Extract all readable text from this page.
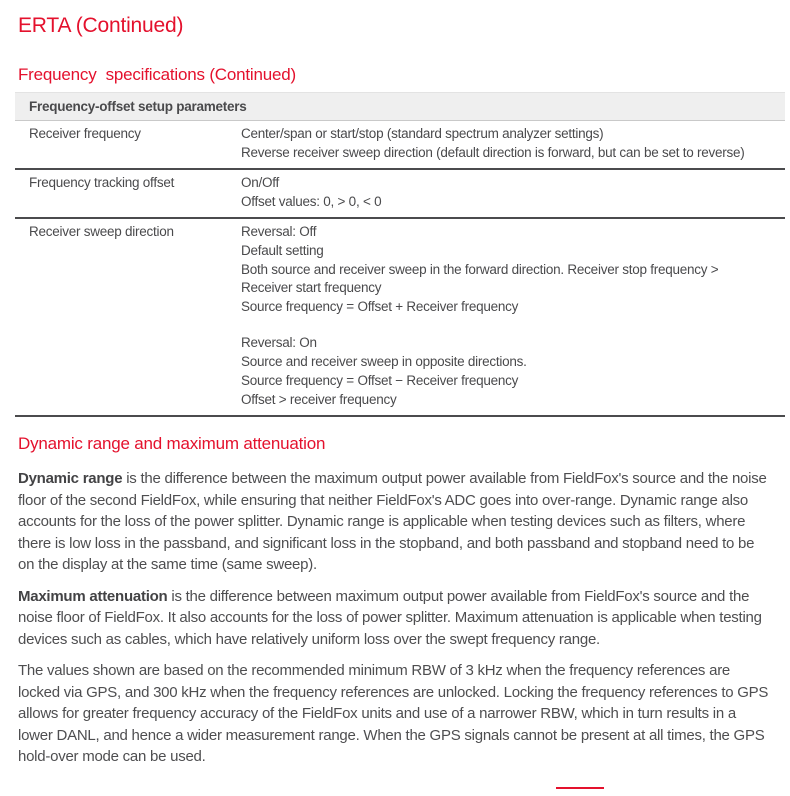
ERTA (Continued)
Frequency  specifications (Continued)
Frequency-offset setup parameters
Receiver frequency	Center/span or start/stop (standard spectrum analyzer settings)
Reverse receiver sweep direction (default direction is forward, but can be set to reverse)
Frequency tracking offset	On/Off
Offset values: 0, > 0, < 0
Receiver sweep direction	Reversal: Off
Default setting
Both source and receiver sweep in the forward direction. Receiver stop frequency > Receiver start frequency
Source frequency = Offset + Receiver frequency
Reversal: On
Source and receiver sweep in opposite directions.
Source frequency = Offset − Receiver frequency
Offset > receiver frequency
Dynamic range and maximum attenuation

Dynamic range is the difference between the maximum output power available from FieldFox's source and the noise floor of the second FieldFox, while ensuring that neither FieldFox's ADC goes into over-range. Dynamic range also accounts for the loss of the power splitter. Dynamic range is applicable when testing devices such as filters, where there is low loss in the passband, and significant loss in the stopband, and both passband and stopband need to be on the display at the same time (same sweep).

Maximum attenuation is the difference between maximum output power available from FieldFox's source and the noise floor of FieldFox. It also accounts for the loss of power splitter. Maximum attenuation is applicable when testing devices such as cables, which have relatively uniform loss over the swept frequency range.

The values shown are based on the recommended minimum RBW of 3 kHz when the frequency references are locked via GPS, and 300 kHz when the frequency references are unlocked. Locking the frequency references to GPS allows for greater frequency accuracy of the FieldFox units and use of a narrower RBW, which in turn results in a lower DANL, and hence a wider measurement range. When the GPS signals cannot be present at all times, the GPS hold-over mode can be used.
